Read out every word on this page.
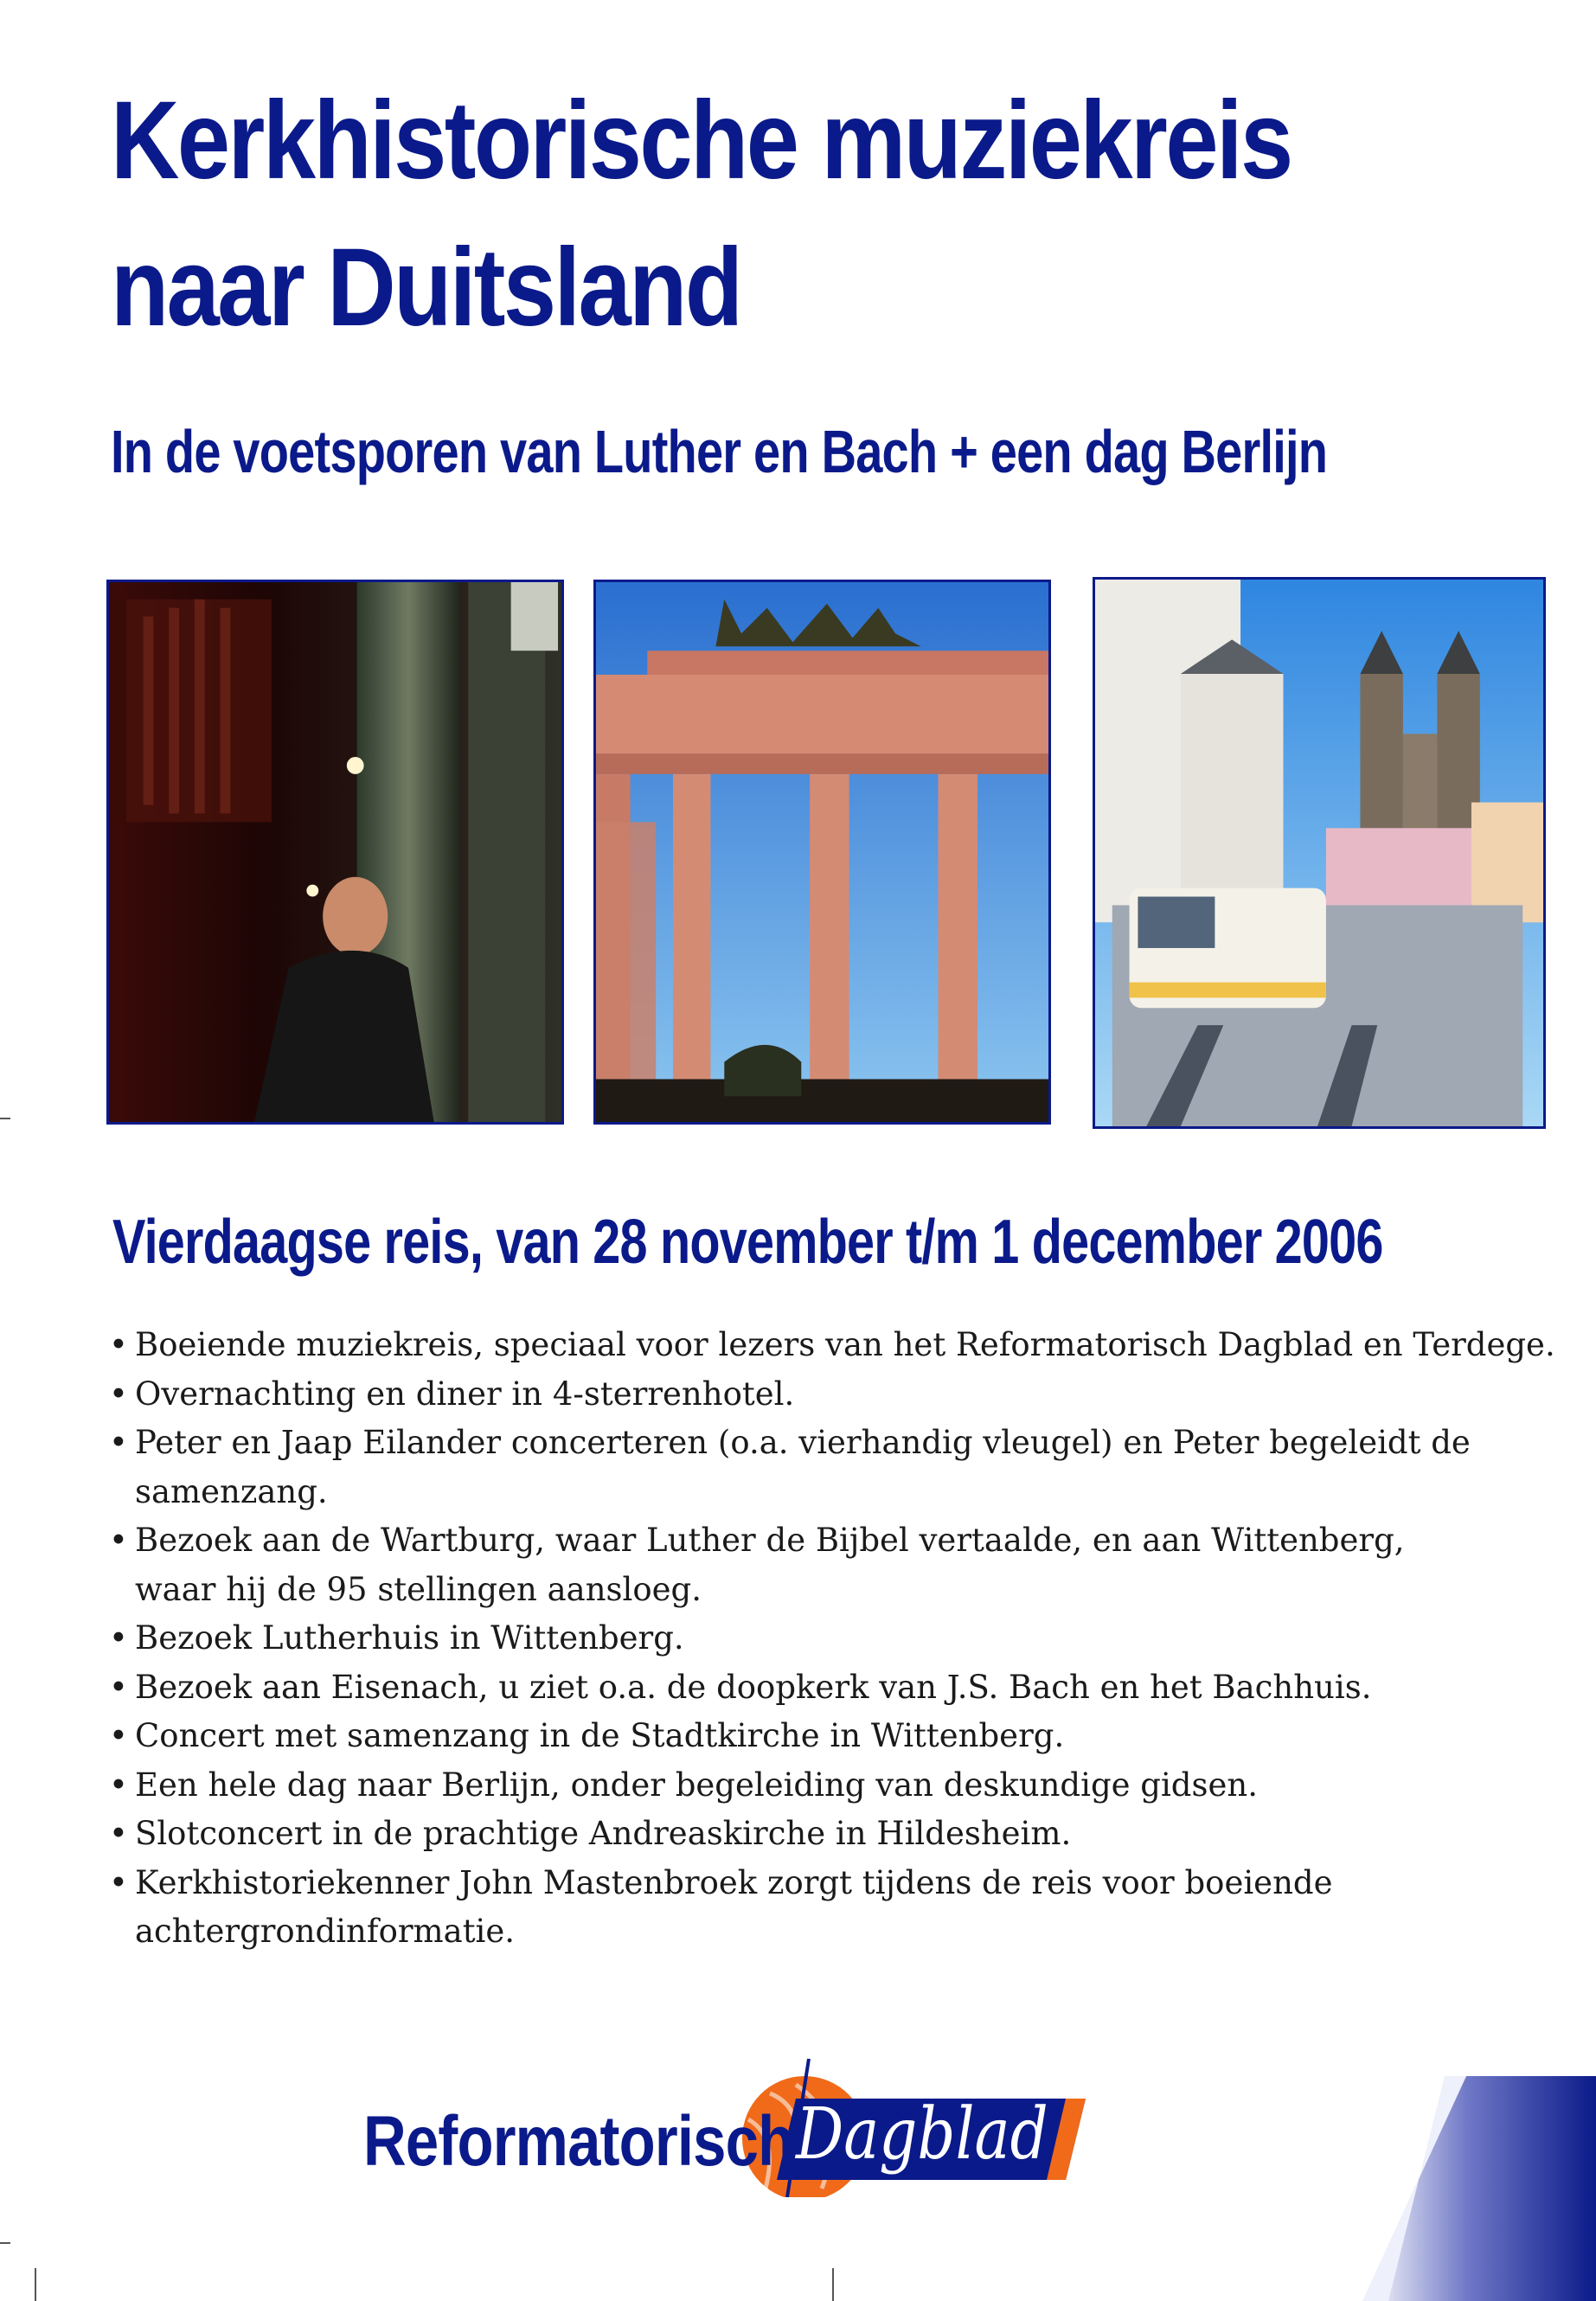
Kerkhistorische muziekreis
naar Duitsland
In de voetsporen van Luther en Bach + een dag Berlijn
Vierdaagse reis, van 28 november t/m 1 december 2006
• Boeiende muziekreis, speciaal voor lezers van het Reformatorisch Dagblad en Terdege.
• Overnachting en diner in 4-sterrenhotel.
• Peter en Jaap Eilander concerteren (o.a. vierhandig vleugel) en Peter begeleidt de
samenzang.
• Bezoek aan de Wartburg, waar Luther de Bijbel vertaalde, en aan Wittenberg,
waar hij de 95 stellingen aansloeg.
• Bezoek Lutherhuis in Wittenberg.
• Bezoek aan Eisenach, u ziet o.a. de doopkerk van J.S. Bach en het Bachhuis.
• Concert met samenzang in de Stadtkirche in Wittenberg.
• Een hele dag naar Berlijn, onder begeleiding van deskundige gidsen.
• Slotconcert in de prachtige Andreaskirche in Hildesheim.
• Kerkhistoriekenner John Mastenbroek zorgt tijdens de reis voor boeiende
achtergrondinformatie.
Reformatorisch Dagblad
